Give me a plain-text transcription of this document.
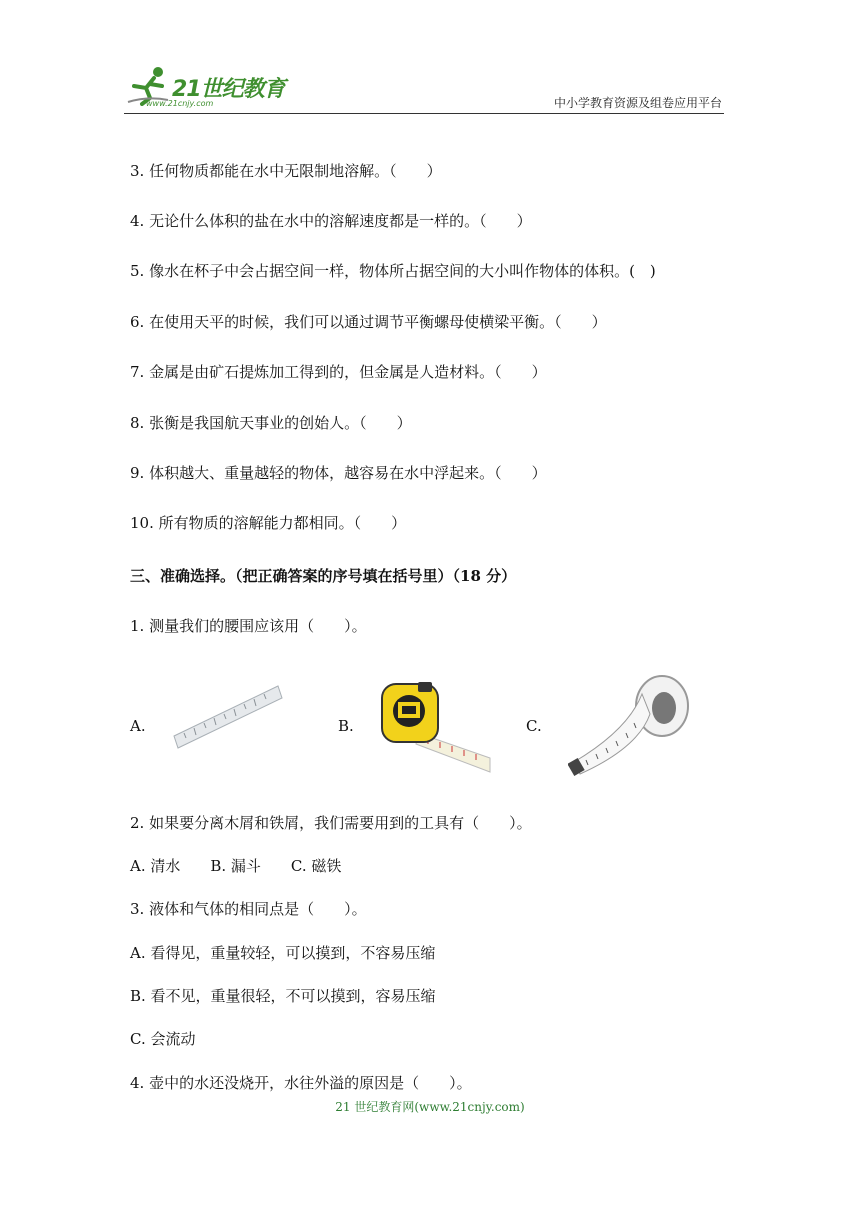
21世纪教育
www.21cnjy.com	中小学教育资源及组卷应用平台
3. 任何物质都能在水中无限制地溶解。（　　）
4. 无论什么体积的盐在水中的溶解速度都是一样的。（　　）
5. 像水在杯子中会占据空间一样，物体所占据空间的大小叫作物体的体积。(　)
6. 在使用天平的时候，我们可以通过调节平衡螺母使横梁平衡。（　　）
7. 金属是由矿石提炼加工得到的，但金属是人造材料。（　　）
8. 张衡是我国航天事业的创始人。（　　）
9. 体积越大、重量越轻的物体，越容易在水中浮起来。（　　）
10. 所有物质的溶解能力都相同。（　　）
三、准确选择。（把正确答案的序号填在括号里）（18 分）
1. 测量我们的腰围应该用（　　）。
A.	B.	C.
2. 如果要分离木屑和铁屑，我们需要用到的工具有（　　）。
A. 清水　　B. 漏斗　　C. 磁铁
3. 液体和气体的相同点是（　　）。
A. 看得见，重量较轻，可以摸到，不容易压缩
B. 看不见，重量很轻，不可以摸到，容易压缩
C. 会流动
4. 壶中的水还没烧开，水往外溢的原因是（　　）。
21 世纪教育网(www.21cnjy.com)
